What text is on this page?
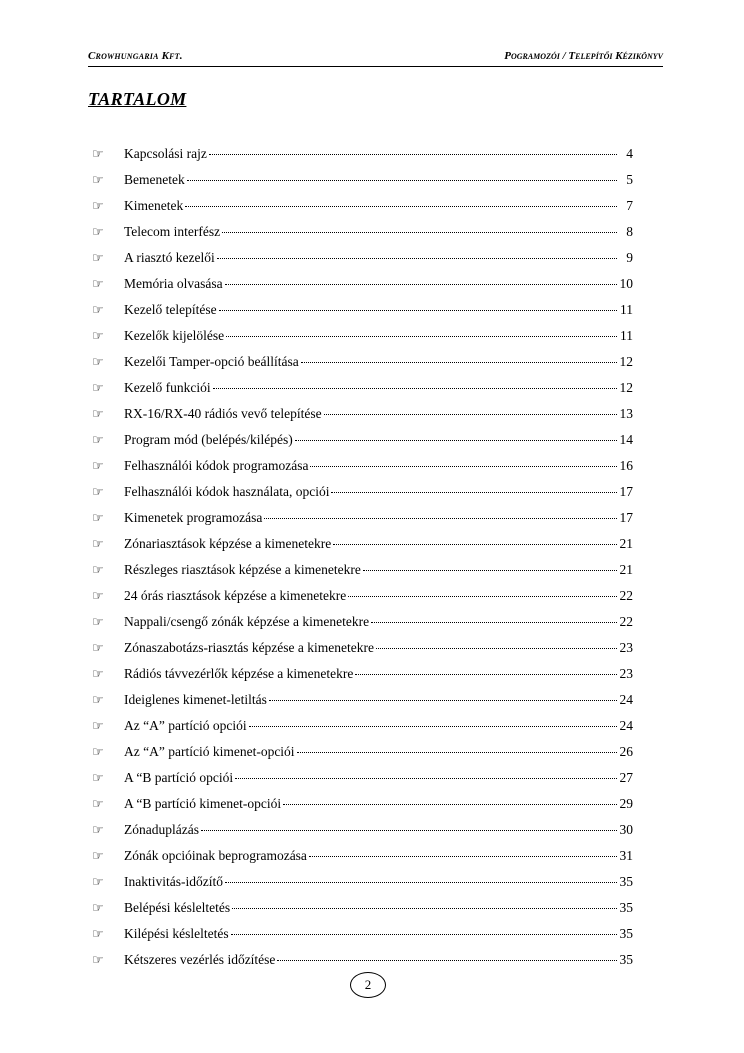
Crowhungaria Kft.	Pogramozói / Telepítői Kézikönyv
TARTALOM
☞	Kapcsolási rajz	4
☞	Bemenetek	5
☞	Kimenetek	7
☞	Telecom interfész	8
☞	A riasztó kezelői	9
☞	Memória olvasása	10
☞	Kezelő telepítése	11
☞	Kezelők kijelölése	11
☞	Kezelői Tamper-opció beállítása	12
☞	Kezelő funkciói	12
☞	RX-16/RX-40 rádiós vevő telepítése	13
☞	Program mód (belépés/kilépés)	14
☞	Felhasználói kódok programozása	16
☞	Felhasználói kódok használata, opciói	17
☞	Kimenetek programozása	17
☞	Zónariasztások képzése a kimenetekre	21
☞	Részleges riasztások képzése a kimenetekre	21
☞	24 órás riasztások képzése a kimenetekre	22
☞	Nappali/csengő zónák képzése a kimenetekre	22
☞	Zónaszabotázs-riasztás képzése a kimenetekre	23
☞	Rádiós távvezérlők képzése a kimenetekre	23
☞	Ideiglenes kimenet-letiltás	24
☞	Az “A” partíció opciói	24
☞	Az “A” partíció kimenet-opciói	26
☞	A “B partíció opciói	27
☞	A “B partíció kimenet-opciói	29
☞	Zónaduplázás	30
☞	Zónák opcióinak beprogramozása	31
☞	Inaktivitás-időzítő	35
☞	Belépési késleltetés	35
☞	Kilépési késleltetés	35
☞	Kétszeres vezérlés időzítése	35
2
